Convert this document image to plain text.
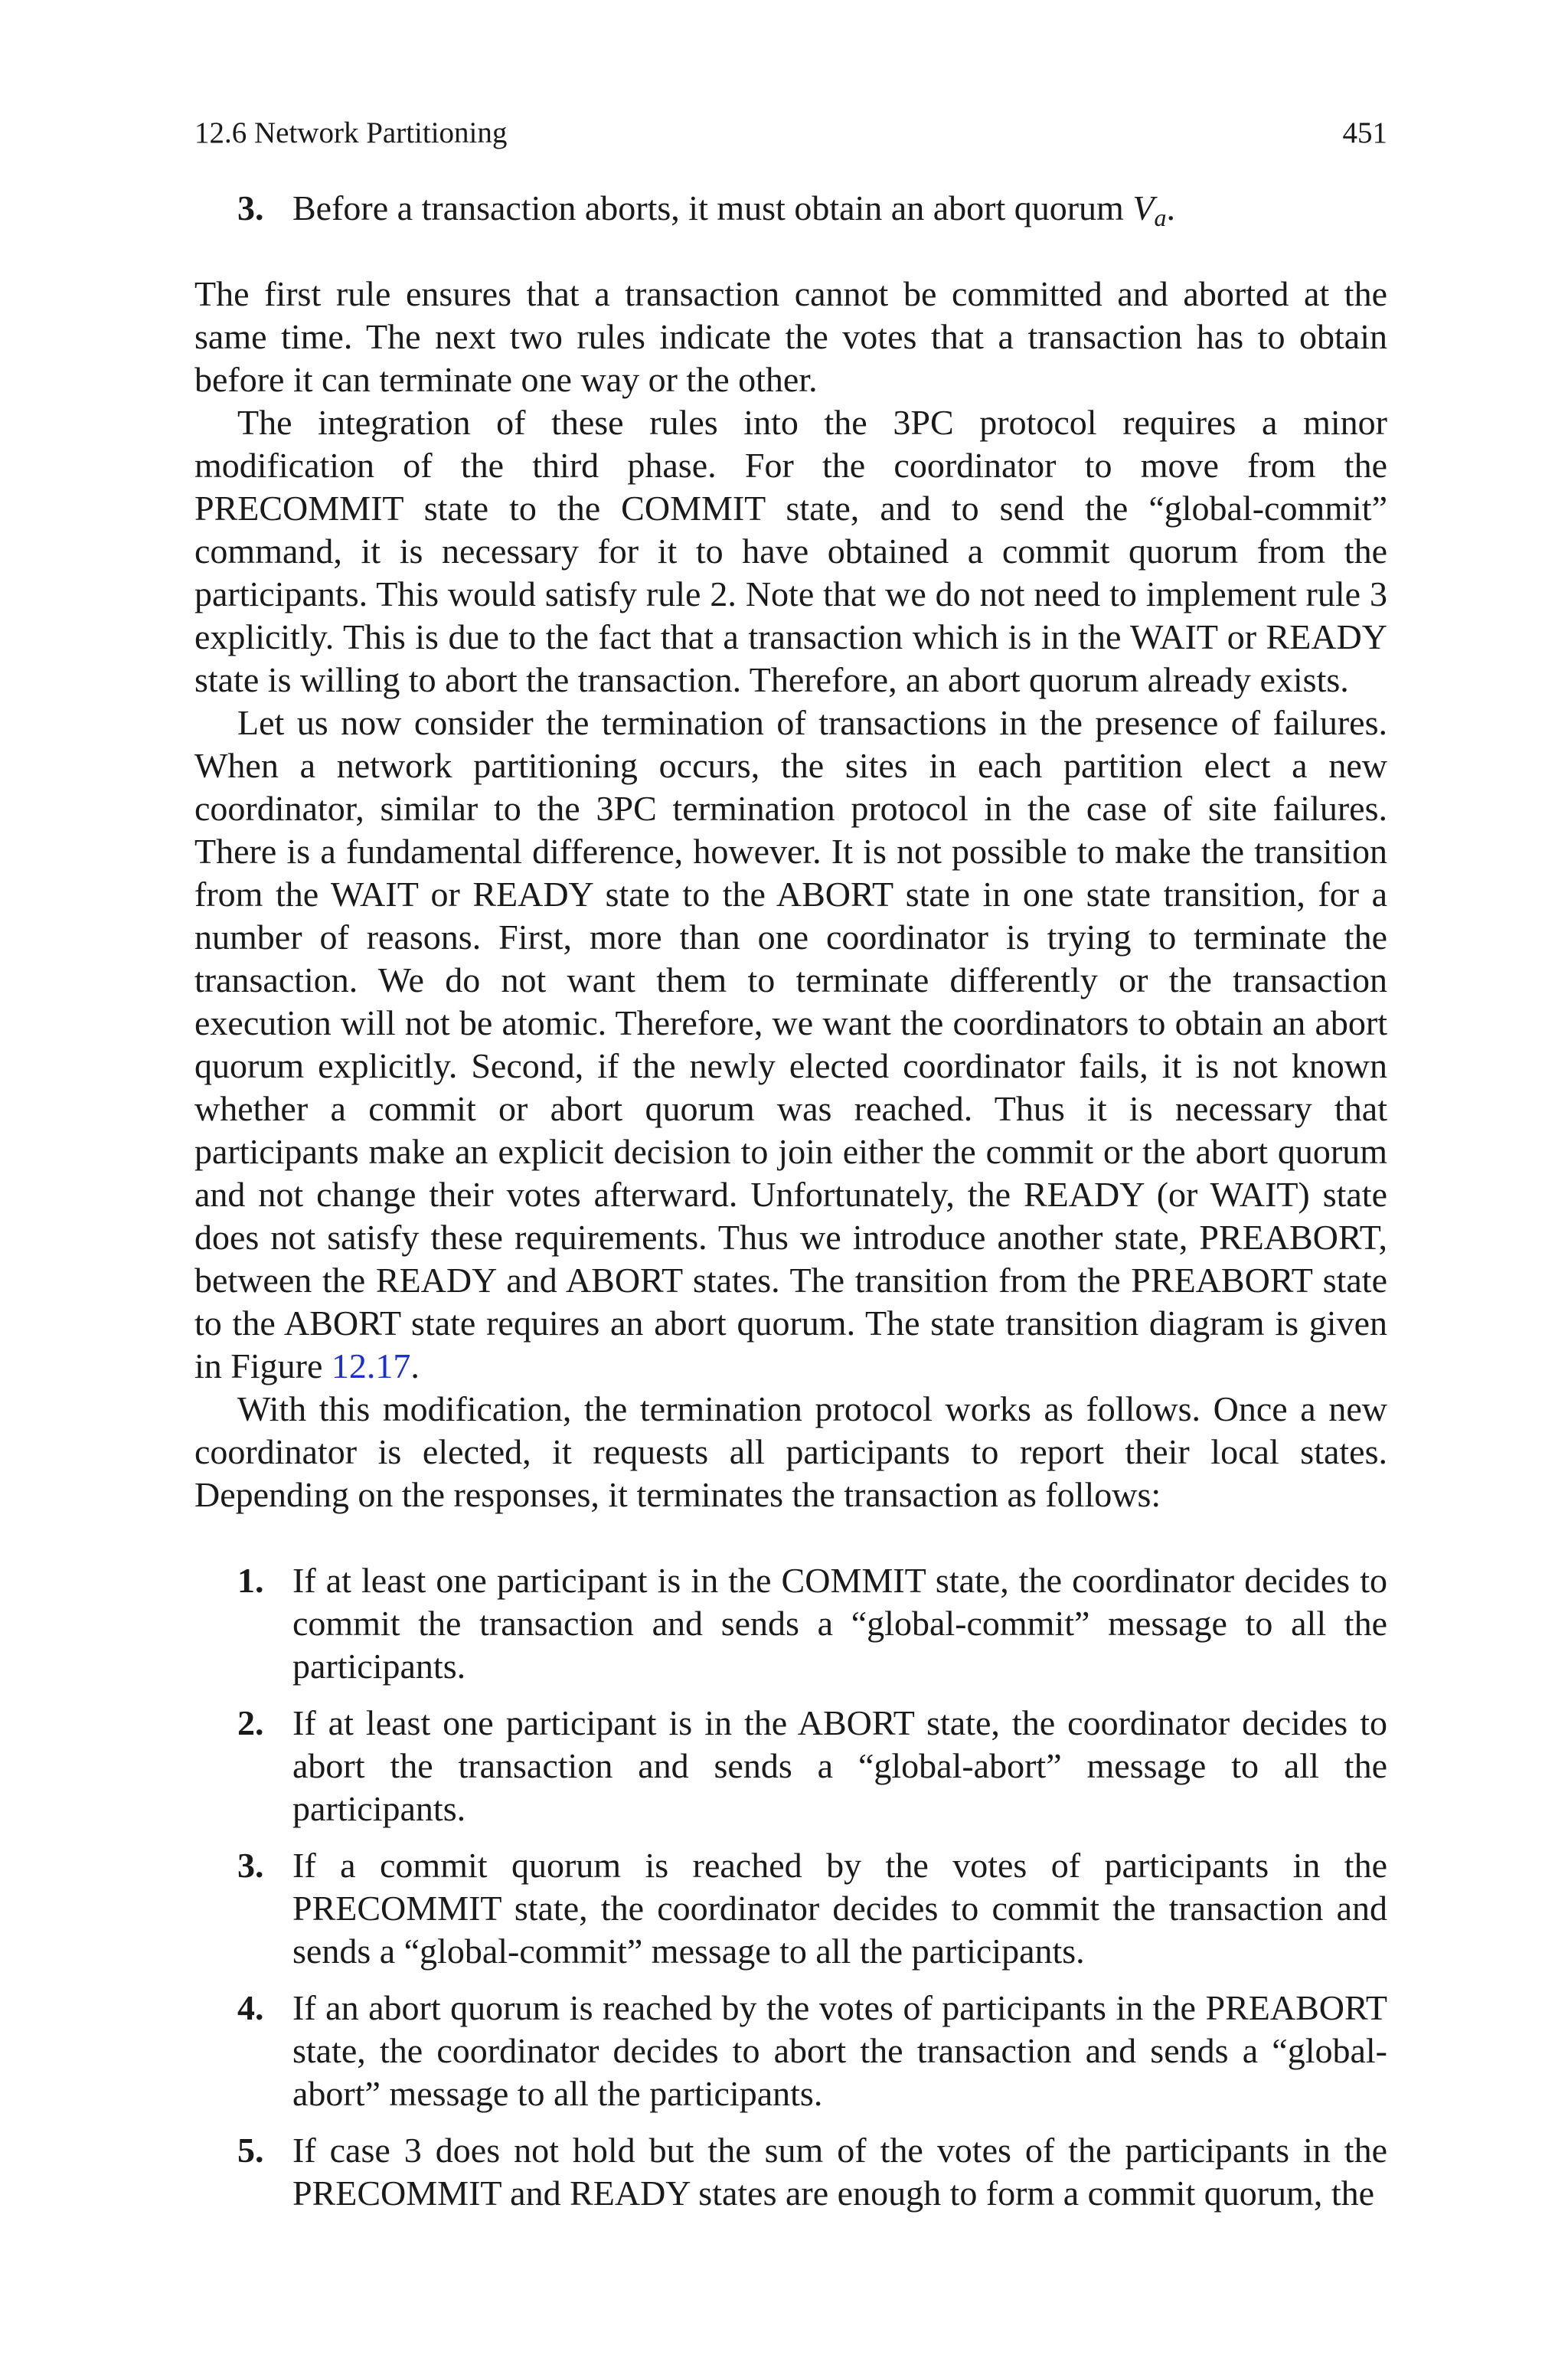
12.6 Network Partitioning	451
3. Before a transaction aborts, it must obtain an abort quorum $V_a$.

The first rule ensures that a transaction cannot be committed and aborted at the same time. The next two rules indicate the votes that a transaction has to obtain before it can terminate one way or the other.

The integration of these rules into the 3PC protocol requires a minor modification of the third phase. For the coordinator to move from the PRECOMMIT state to the COMMIT state, and to send the “global-commit” command, it is necessary for it to have obtained a commit quorum from the participants. This would satisfy rule 2. Note that we do not need to implement rule 3 explicitly. This is due to the fact that a transaction which is in the WAIT or READY state is willing to abort the transaction. Therefore, an abort quorum already exists.

Let us now consider the termination of transactions in the presence of failures. When a network partitioning occurs, the sites in each partition elect a new coordinator, similar to the 3PC termination protocol in the case of site failures. There is a fundamental difference, however. It is not possible to make the transition from the WAIT or READY state to the ABORT state in one state transition, for a number of reasons. First, more than one coordinator is trying to terminate the transaction. We do not want them to terminate differently or the transaction execution will not be atomic. Therefore, we want the coordinators to obtain an abort quorum explicitly. Second, if the newly elected coordinator fails, it is not known whether a commit or abort quorum was reached. Thus it is necessary that participants make an explicit decision to join either the commit or the abort quorum and not change their votes afterward. Unfortunately, the READY (or WAIT) state does not satisfy these requirements. Thus we introduce another state, PREABORT, between the READY and ABORT states. The transition from the PREABORT state to the ABORT state requires an abort quorum. The state transition diagram is given in Figure 12.17.

With this modification, the termination protocol works as follows. Once a new coordinator is elected, it requests all participants to report their local states. Depending on the responses, it terminates the transaction as follows:

1. If at least one participant is in the COMMIT state, the coordinator decides to commit the transaction and sends a “global-commit” message to all the participants.
2. If at least one participant is in the ABORT state, the coordinator decides to abort the transaction and sends a “global-abort” message to all the participants.
3. If a commit quorum is reached by the votes of participants in the PRECOMMIT state, the coordinator decides to commit the transaction and sends a “global-commit” message to all the participants.
4. If an abort quorum is reached by the votes of participants in the PREABORT state, the coordinator decides to abort the transaction and sends a “global-abort” message to all the participants.
5. If case 3 does not hold but the sum of the votes of the participants in the PRECOMMIT and READY states are enough to form a commit quorum, the
